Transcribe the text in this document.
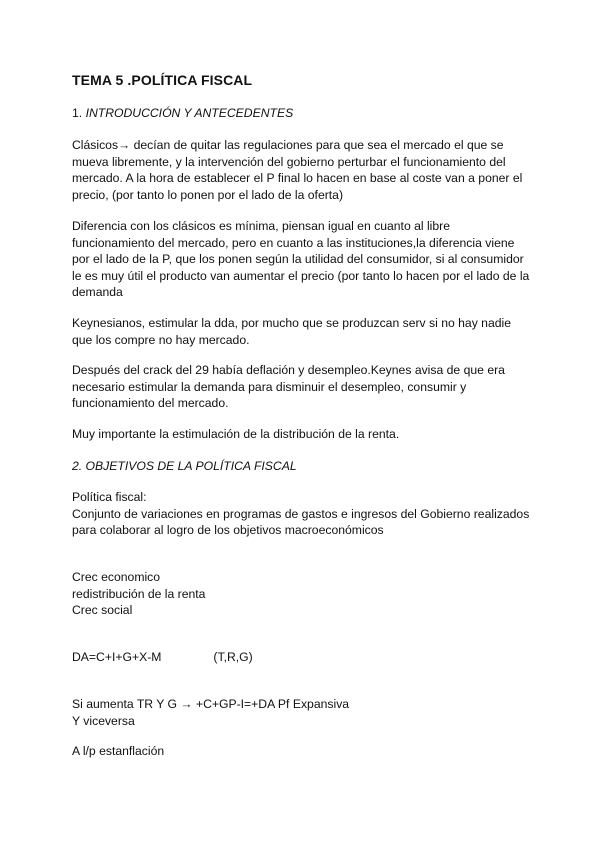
TEMA 5 .POLÍTICA FISCAL

1. INTRODUCCIÓN Y ANTECEDENTES

Clásicos→ decían de quitar las regulaciones para que sea el mercado el que se
mueva libremente, y la intervención del gobierno perturbar el funcionamiento del
mercado. A la hora de establecer el P final lo hacen en base al coste van a poner el
precio, (por tanto lo ponen por el lado de la oferta)

Diferencia con los clásicos es mínima, piensan igual en cuanto al libre
funcionamiento del mercado, pero en cuanto a las instituciones,la diferencia viene
por el lado de la P, que los ponen según la utilidad del consumidor, si al consumidor
le es muy útil el producto van aumentar el precio (por tanto lo hacen por el lado de la
demanda

Keynesianos, estimular la dda, por mucho que se produzcan serv si no hay nadie
que los compre no hay mercado.

Después del crack del 29 había deflación y desempleo.Keynes avisa de que era
necesario estimular la demanda para disminuir el desempleo, consumir y
funcionamiento del mercado.

Muy importante la estimulación de la distribución de la renta.

2. OBJETIVOS DE LA POLÍTICA FISCAL

Política fiscal:
Conjunto de variaciones en programas de gastos e ingresos del Gobierno realizados
para colaborar al logro de los objetivos macroeconómicos

Crec economico
redistribución de la renta
Crec social

DA=C+I+G+X-M	(T,R,G)

Si aumenta TR Y G → +C+GP-I=+DA Pf Expansiva
Y viceversa

A l/p estanflación
